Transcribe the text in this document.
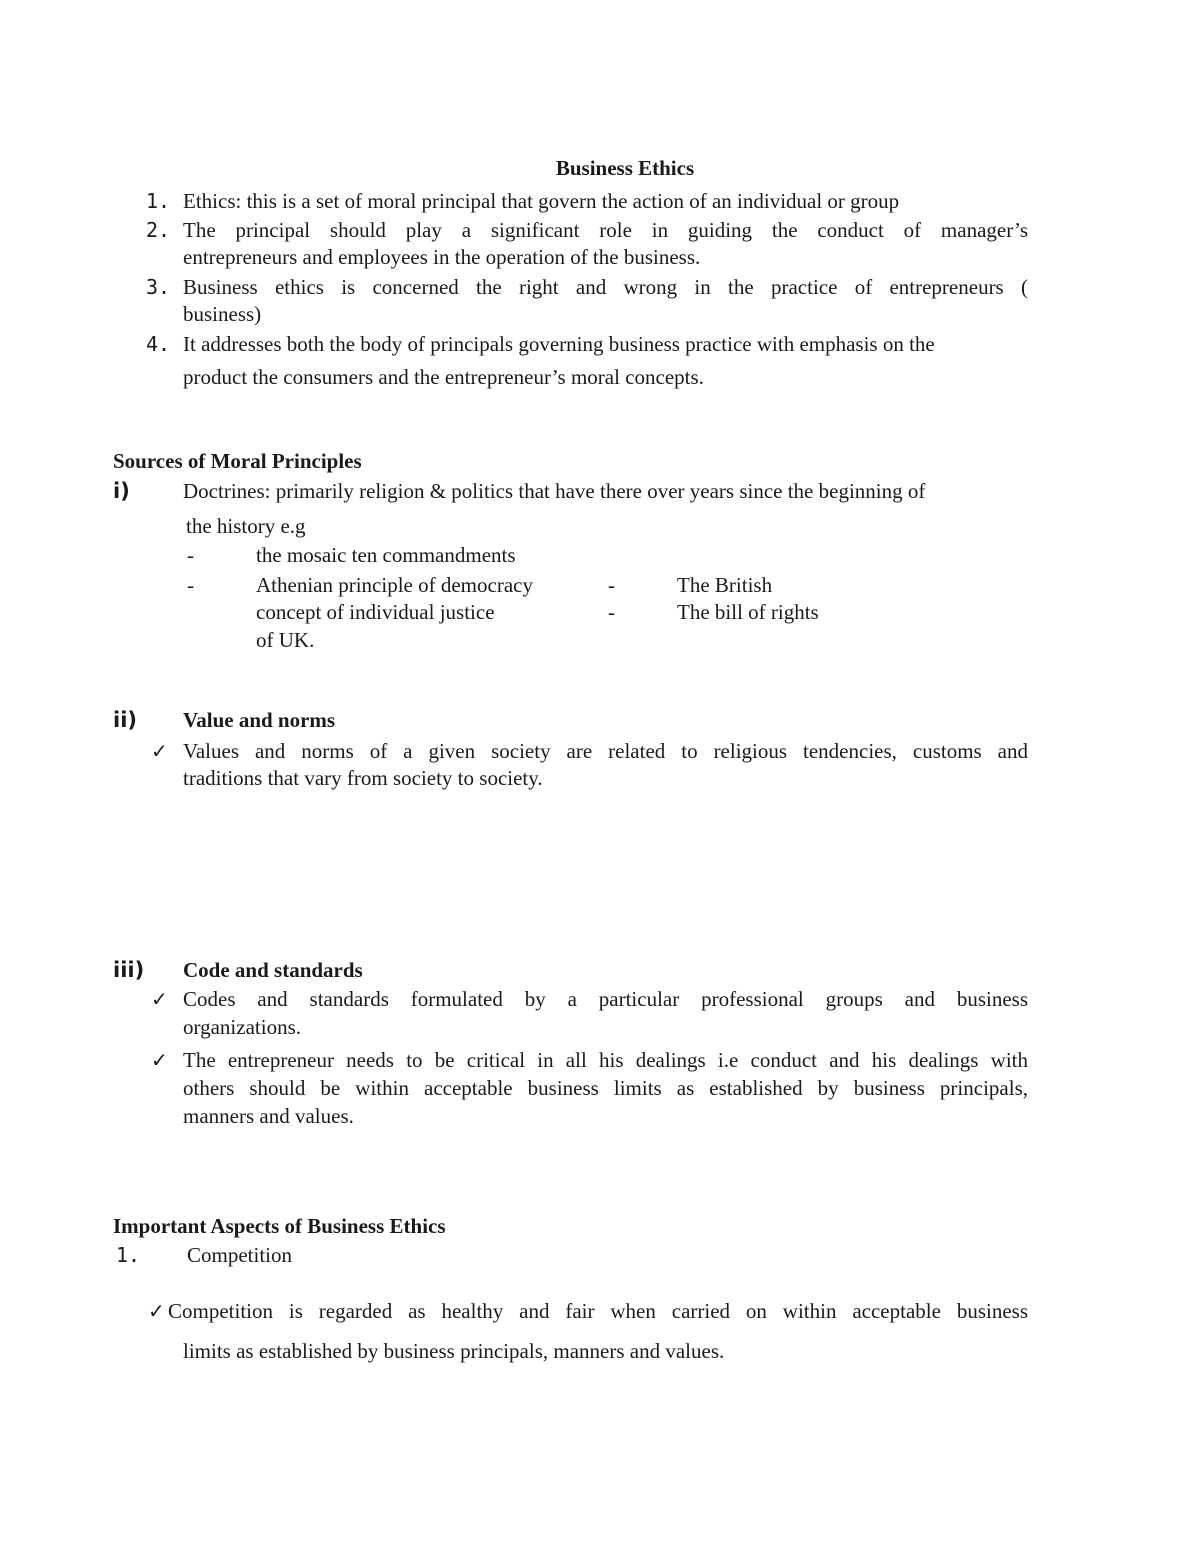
Business Ethics
1. Ethics: this is a set of moral principal that govern the action of an individual or group
2. The principal should play a significant role in guiding the conduct of manager’s
entrepreneurs and employees in the operation of the business.
3. Business ethics is concerned the right and wrong in the practice of entrepreneurs (
business)
4. It addresses both the body of principals governing business practice with emphasis on the
product the consumers and the entrepreneur’s moral concepts.
Sources of Moral Principles
i)	Doctrines: primarily religion & politics that have there over years since the beginning of
the history e.g
-	the mosaic ten commandments
-	Athenian principle of democracy	-	The British
concept of individual justice	-	The bill of rights
of UK.
ii) Value and norms
✓ Values and norms of a given society are related to religious tendencies, customs and
traditions that vary from society to society.
iii) Code and standards
✓ Codes and standards formulated by a particular professional groups and business
organizations.
✓ The entrepreneur needs to be critical in all his dealings i.e conduct and his dealings with
others should be within acceptable business limits as established by business principals,
manners and values.
Important Aspects of Business Ethics
1. Competition
✓ Competition is regarded as healthy and fair when carried on within acceptable business
limits as established by business principals, manners and values.
